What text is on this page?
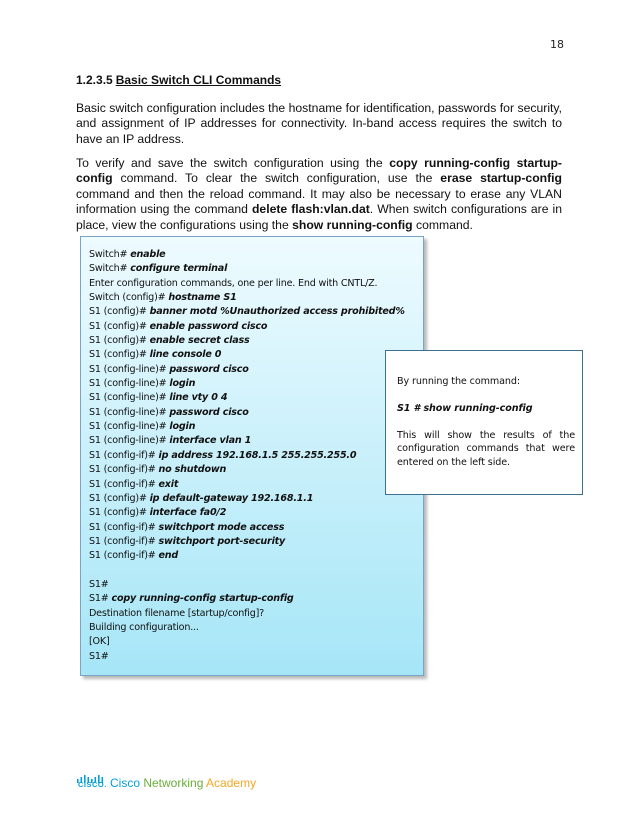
18
1.2.3.5 Basic Switch CLI Commands

Basic switch configuration includes the hostname for identification, passwords for security, and assignment of IP addresses for connectivity. In-band access requires the switch to have an IP address.

To verify and save the switch configuration using the copy running-config startup-config command. To clear the switch configuration, use the erase startup-config command and then the reload command. It may also be necessary to erase any VLAN information using the command delete flash:vlan.dat. When switch configurations are in place, view the configurations using the show running-config command.

Switch# enable
Switch# configure terminal
Enter configuration commands, one per line. End with CNTL/Z.
Switch (config)# hostname S1
S1 (config)# banner motd %Unauthorized access prohibited%
S1 (config)# enable password cisco
S1 (config)# enable secret class
S1 (config)# line console 0
S1 (config-line)# password cisco
S1 (config-line)# login
S1 (config-line)# line vty 0 4
S1 (config-line)# password cisco
S1 (config-line)# login
S1 (config-line)# interface vlan 1
S1 (config-if)# ip address 192.168.1.5 255.255.255.0
S1 (config-if)# no shutdown
S1 (config-if)# exit
S1 (config)# ip default-gateway 192.168.1.1
S1 (config)# interface fa0/2
S1 (config-if)# switchport mode access
S1 (config-if)# switchport port-security
S1 (config-if)# end
S1#
S1# copy running-config startup-config
Destination filename [startup/config]?
Building configuration...
[OK]
S1#

By running the command:

S1 # show running-config

This will show the results of the configuration commands that were entered on the left side.

CISCO. Cisco Networking Academy
